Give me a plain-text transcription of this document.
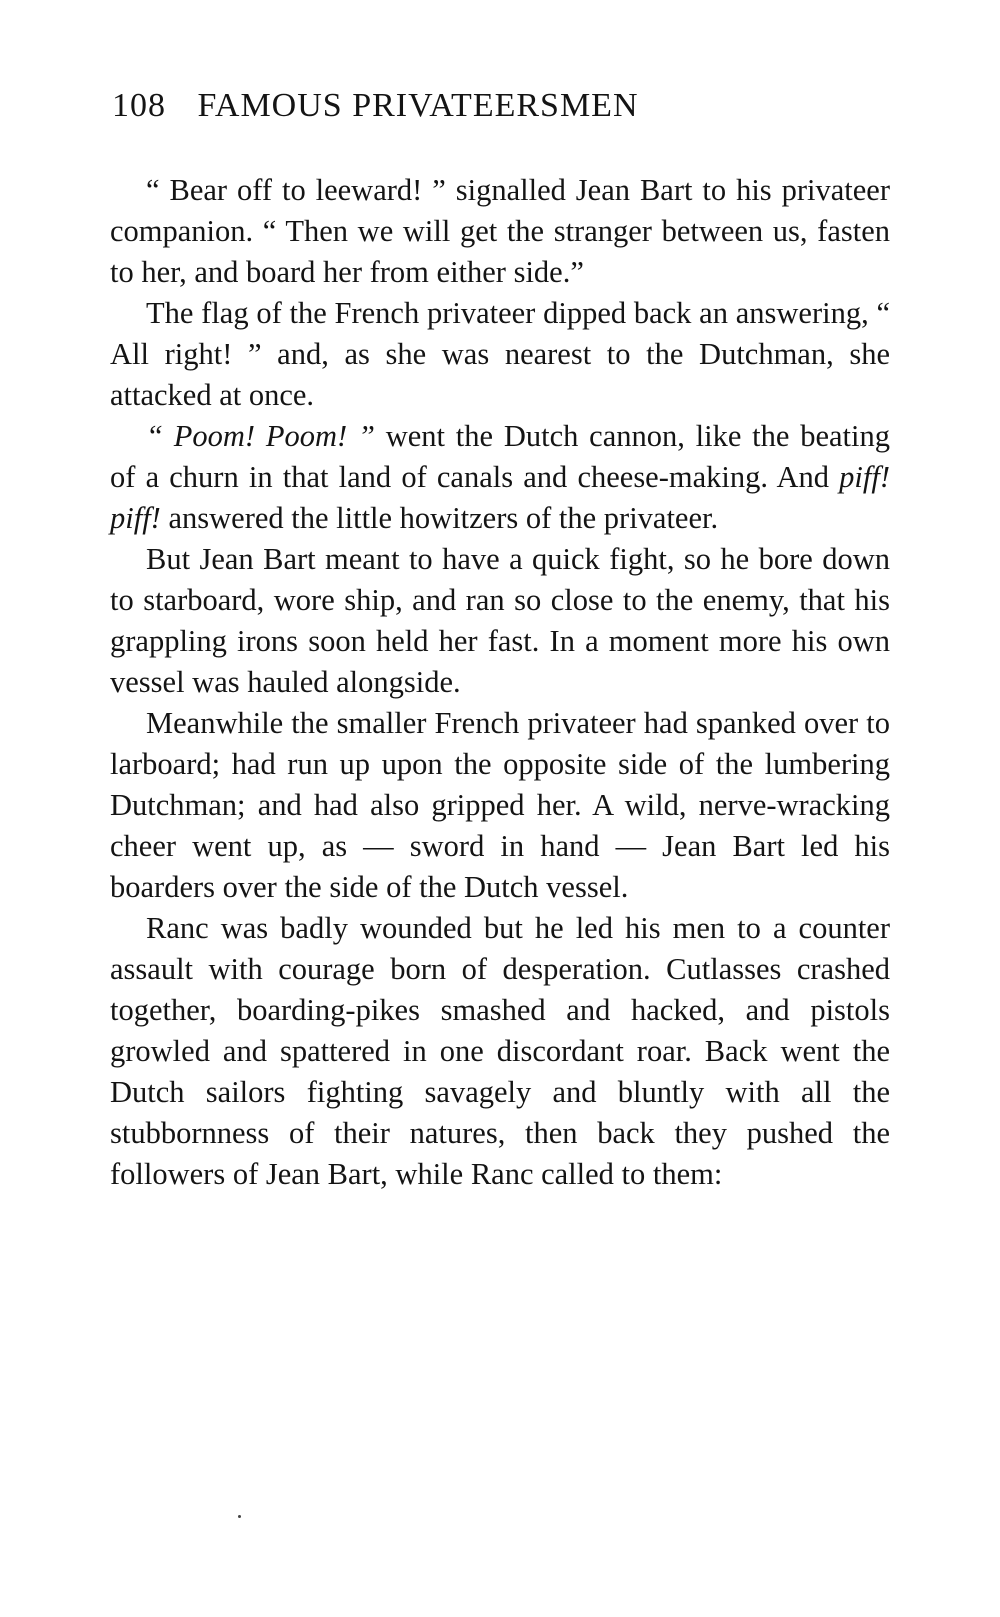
108 FAMOUS PRIVATEERSMEN

“ Bear off to leeward! ” signalled Jean Bart to his privateer companion. “ Then we will get the stranger between us, fasten to her, and board her from either side.”

The flag of the French privateer dipped back an answering, “ All right! ” and, as she was nearest to the Dutchman, she attacked at once.

“ Poom! Poom! ” went the Dutch cannon, like the beating of a churn in that land of canals and cheese-making. And piff! piff! answered the little howitzers of the privateer.

But Jean Bart meant to have a quick fight, so he bore down to starboard, wore ship, and ran so close to the enemy, that his grappling irons soon held her fast. In a moment more his own vessel was hauled alongside.

Meanwhile the smaller French privateer had spanked over to larboard; had run up upon the opposite side of the lumbering Dutchman; and had also gripped her. A wild, nerve-wracking cheer went up, as — sword in hand — Jean Bart led his boarders over the side of the Dutch vessel.

Ranc was badly wounded but he led his men to a counter assault with courage born of desperation. Cutlasses crashed together, boarding-pikes smashed and hacked, and pistols growled and spattered in one discordant roar. Back went the Dutch sailors fighting savagely and bluntly with all the stubbornness of their natures, then back they pushed the followers of Jean Bart, while Ranc called to them:
